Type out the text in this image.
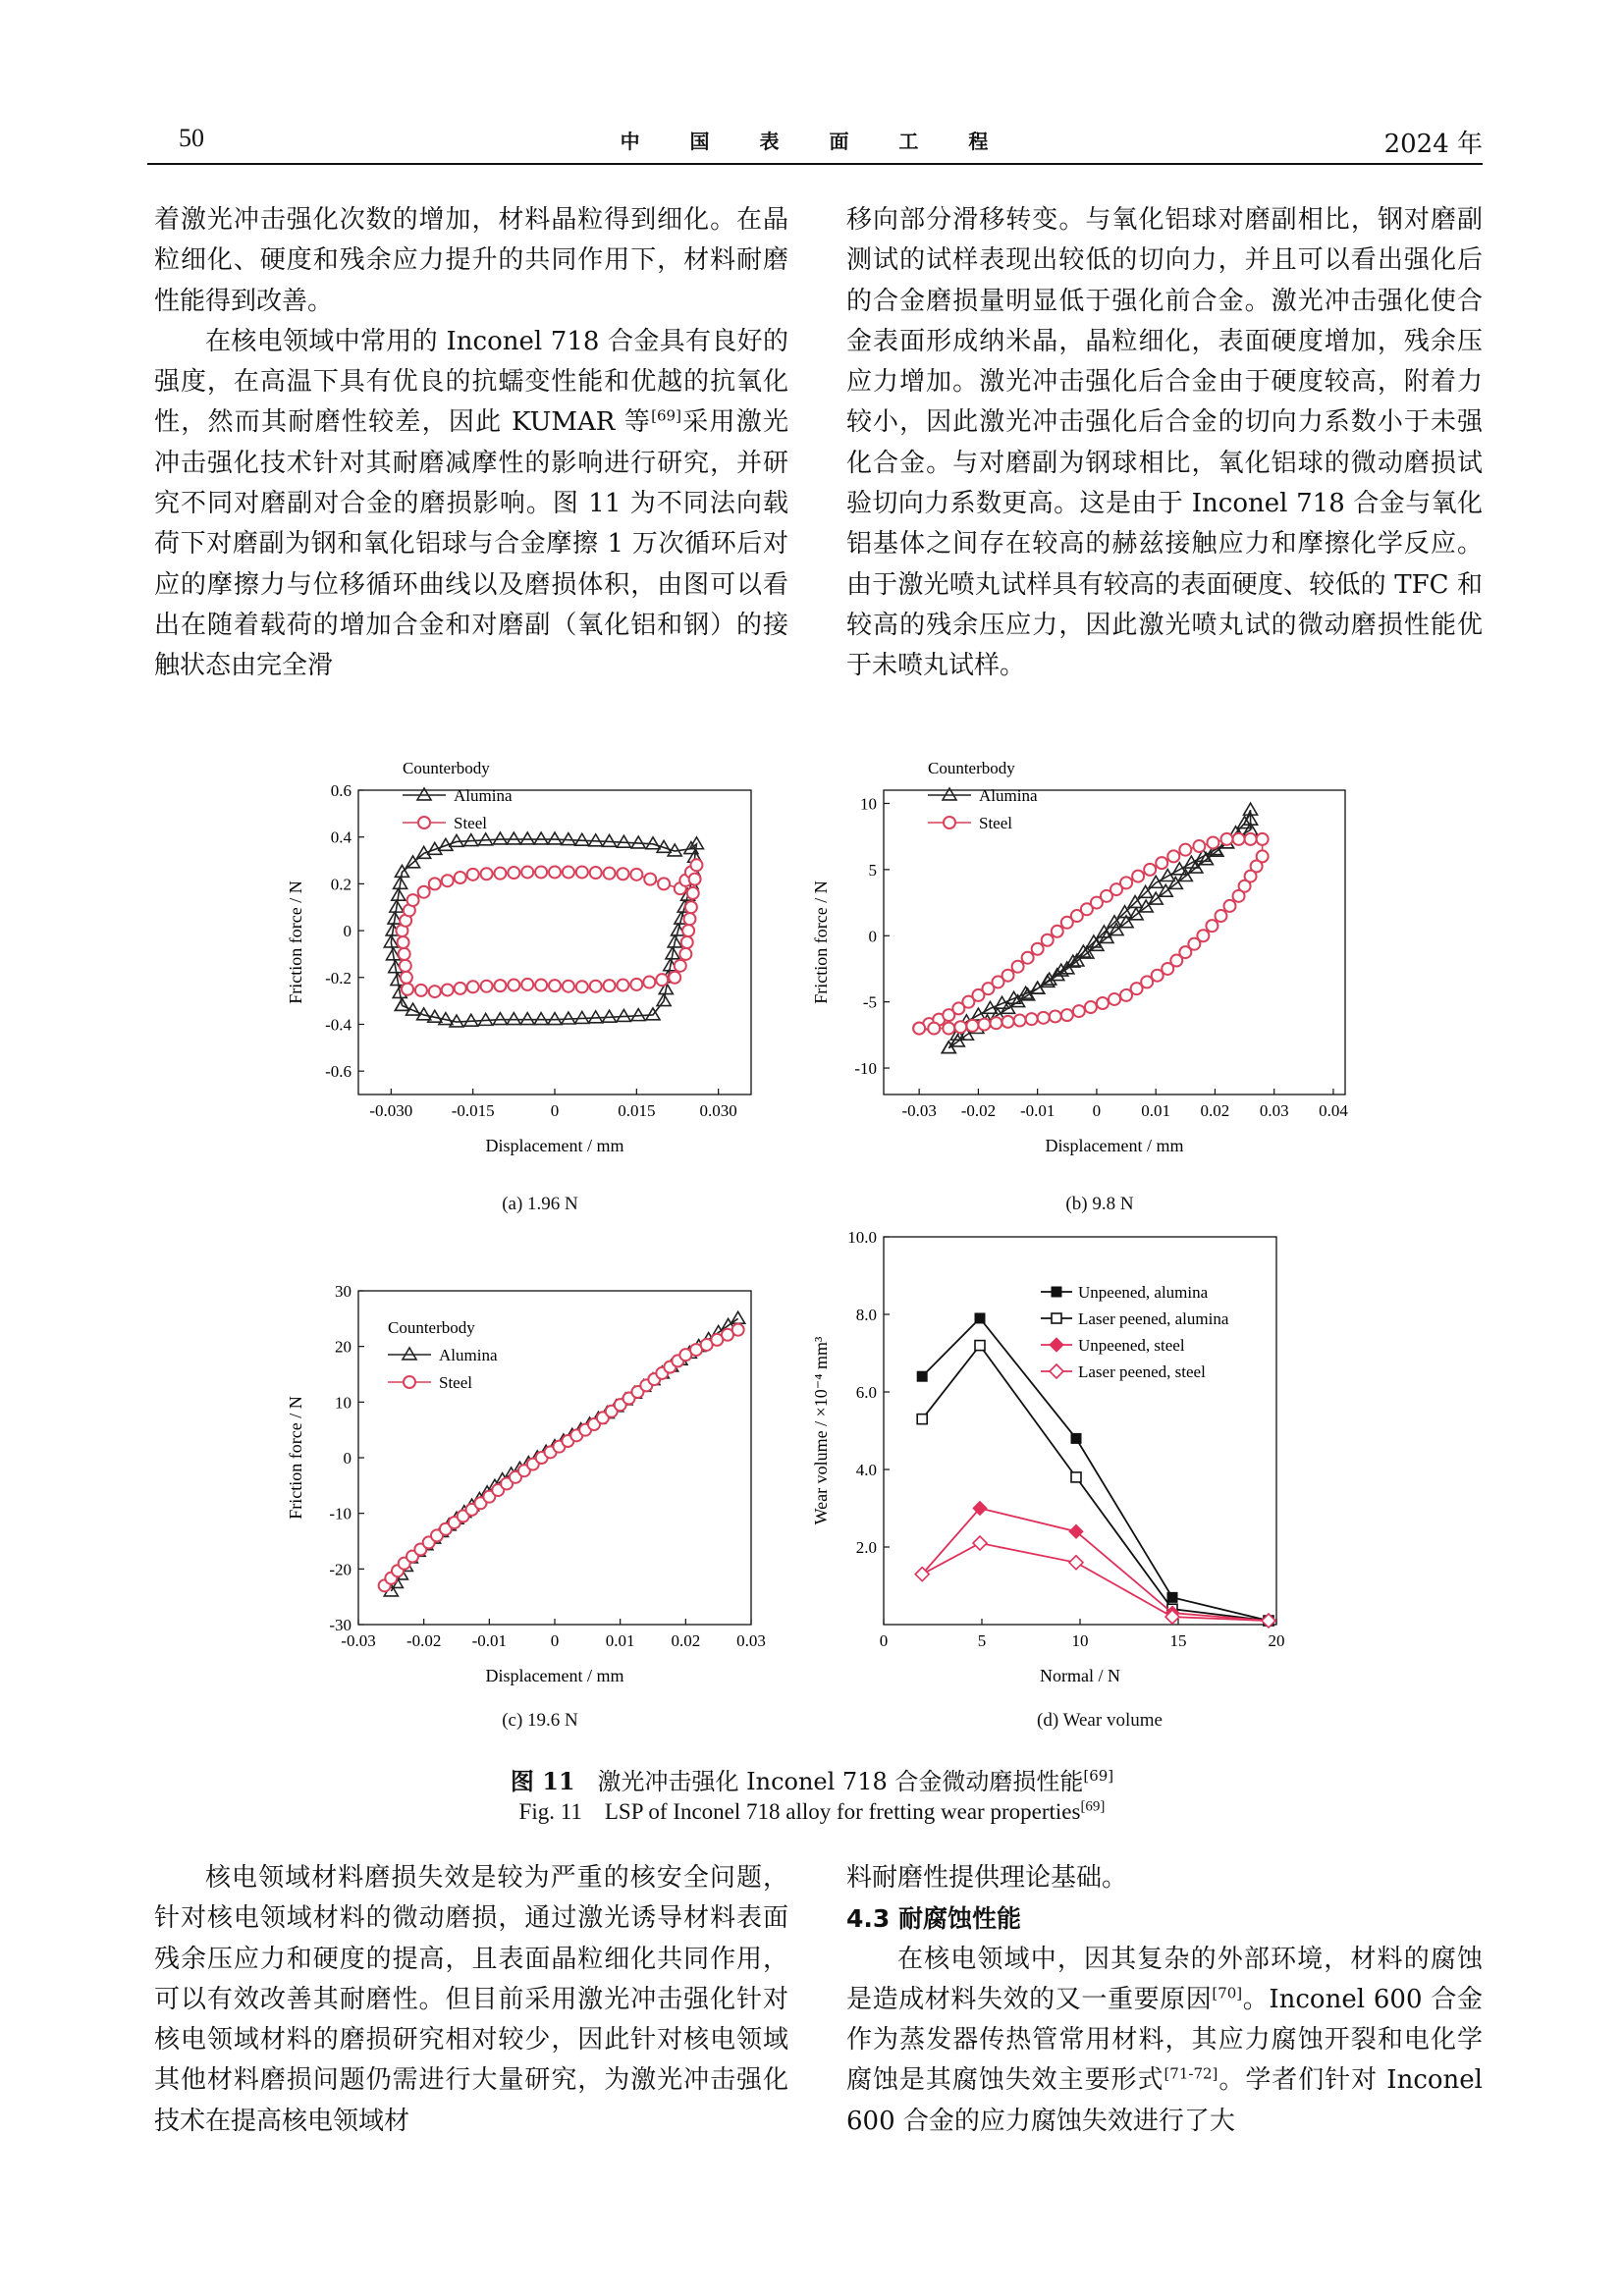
50	中 国 表 面 工 程	2024 年

着激光冲击强化次数的增加，材料晶粒得到细化。在晶粒细化、硬度和残余应力提升的共同作用下，材料耐磨性能得到改善。

在核电领域中常用的 Inconel 718 合金具有良好的强度，在高温下具有优良的抗蠕变性能和优越的抗氧化性，然而其耐磨性较差，因此 KUMAR 等[69]采用激光冲击强化技术针对其耐磨减摩性的影响进行研究，并研究不同对磨副对合金的磨损影响。图 11 为不同法向载荷下对磨副为钢和氧化铝球与合金摩擦 1 万次循环后对应的摩擦力与位移循环曲线以及磨损体积，由图可以看出在随着载荷的增加合金和对磨副（氧化铝和钢）的接触状态由完全滑

移向部分滑移转变。与氧化铝球对磨副相比，钢对磨副测试的试样表现出较低的切向力，并且可以看出强化后的合金磨损量明显低于强化前合金。激光冲击强化使合金表面形成纳米晶，晶粒细化，表面硬度增加，残余压应力增加。激光冲击强化后合金由于硬度较高，附着力较小，因此激光冲击强化后合金的切向力系数小于未强化合金。与对磨副为钢球相比，氧化铝球的微动磨损试验切向力系数更高。这是由于 Inconel 718 合金与氧化铝基体之间存在较高的赫兹接触应力和摩擦化学反应。由于激光喷丸试样具有较高的表面硬度、较低的 TFC 和较高的残余压应力，因此激光喷丸试的微动磨损性能优于未喷丸试样。

-0.030 -0.015	0	0.015	0.030
0.6
0.4
0.2
0
-0.2
-0.4
-0.6
Displacement / mm
Friction force / N
Counterbody
Alumina
Steel
-0.03 -0.02 -0.01 0 0.01 0.02 0.03 0.04
10
5
0
-5
-10
Displacement / mm
Friction force / N
Counterbody
Alumina
Steel
-0.03 -0.02 -0.01	0	0.01 0.02 0.03
30
20
10
0
-10
-20
-30
Displacement / mm
Friction force / N
Counterbody
Alumina
Steel
0	5	10	15	20
10.0
8.0
6.0
4.0
2.0
Normal / N
Wear volume / ×10⁻⁴ mm³
Unpeened, alumina
Laser peened, alumina
Unpeened, steel
Laser peened, steel
(a) 1.96 N	(b) 9.8 N
(c) 19.6 N	(d) Wear volume
图 11 激光冲击强化 Inconel 718 合金微动磨损性能[69]
Fig. 11 LSP of Inconel 718 alloy for fretting wear properties[69]

核电领域材料磨损失效是较为严重的核安全问题，针对核电领域材料的微动磨损，通过激光诱导材料表面残余压应力和硬度的提高，且表面晶粒细化共同作用，可以有效改善其耐磨性。但目前采用激光冲击强化针对核电领域材料的磨损研究相对较少，因此针对核电领域其他材料磨损问题仍需进行大量研究，为激光冲击强化技术在提高核电领域材

料耐磨性提供理论基础。

4.3 耐腐蚀性能

在核电领域中，因其复杂的外部环境，材料的腐蚀是造成材料失效的又一重要原因[70]。Inconel 600 合金作为蒸发器传热管常用材料，其应力腐蚀开裂和电化学腐蚀是其腐蚀失效主要形式[71-72]。学者们针对 Inconel 600 合金的应力腐蚀失效进行了大
